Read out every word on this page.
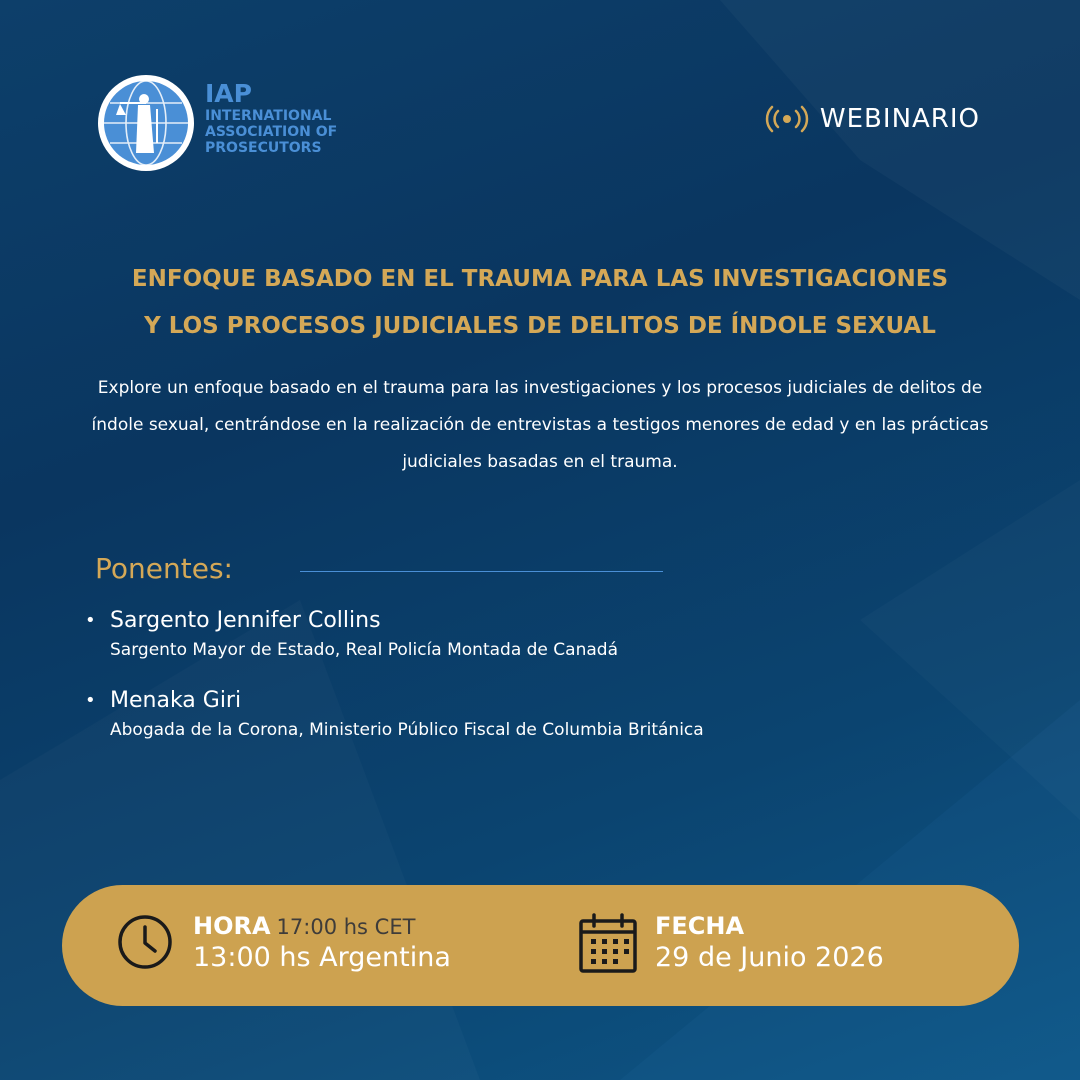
IAP
INTERNATIONAL
ASSOCIATION OF
PROSECUTORS
WEBINARIO
ENFOQUE BASADO EN EL TRAUMA PARA LAS INVESTIGACIONES
Y LOS PROCESOS JUDICIALES DE DELITOS DE ÍNDOLE SEXUAL
Explore un enfoque basado en el trauma para las investigaciones y los procesos judiciales de delitos de índole sexual, centrándose en la realización de entrevistas a testigos menores de edad y en las prácticas judiciales basadas en el trauma.
Ponentes:
• Sargento Jennifer Collins
Sargento Mayor de Estado, Real Policía Montada de Canadá
• Menaka Giri
Abogada de la Corona, Ministerio Público Fiscal de Columbia Británica
HORA 17:00 hs CET
13:00 hs Argentina
FECHA
29 de Junio 2026
